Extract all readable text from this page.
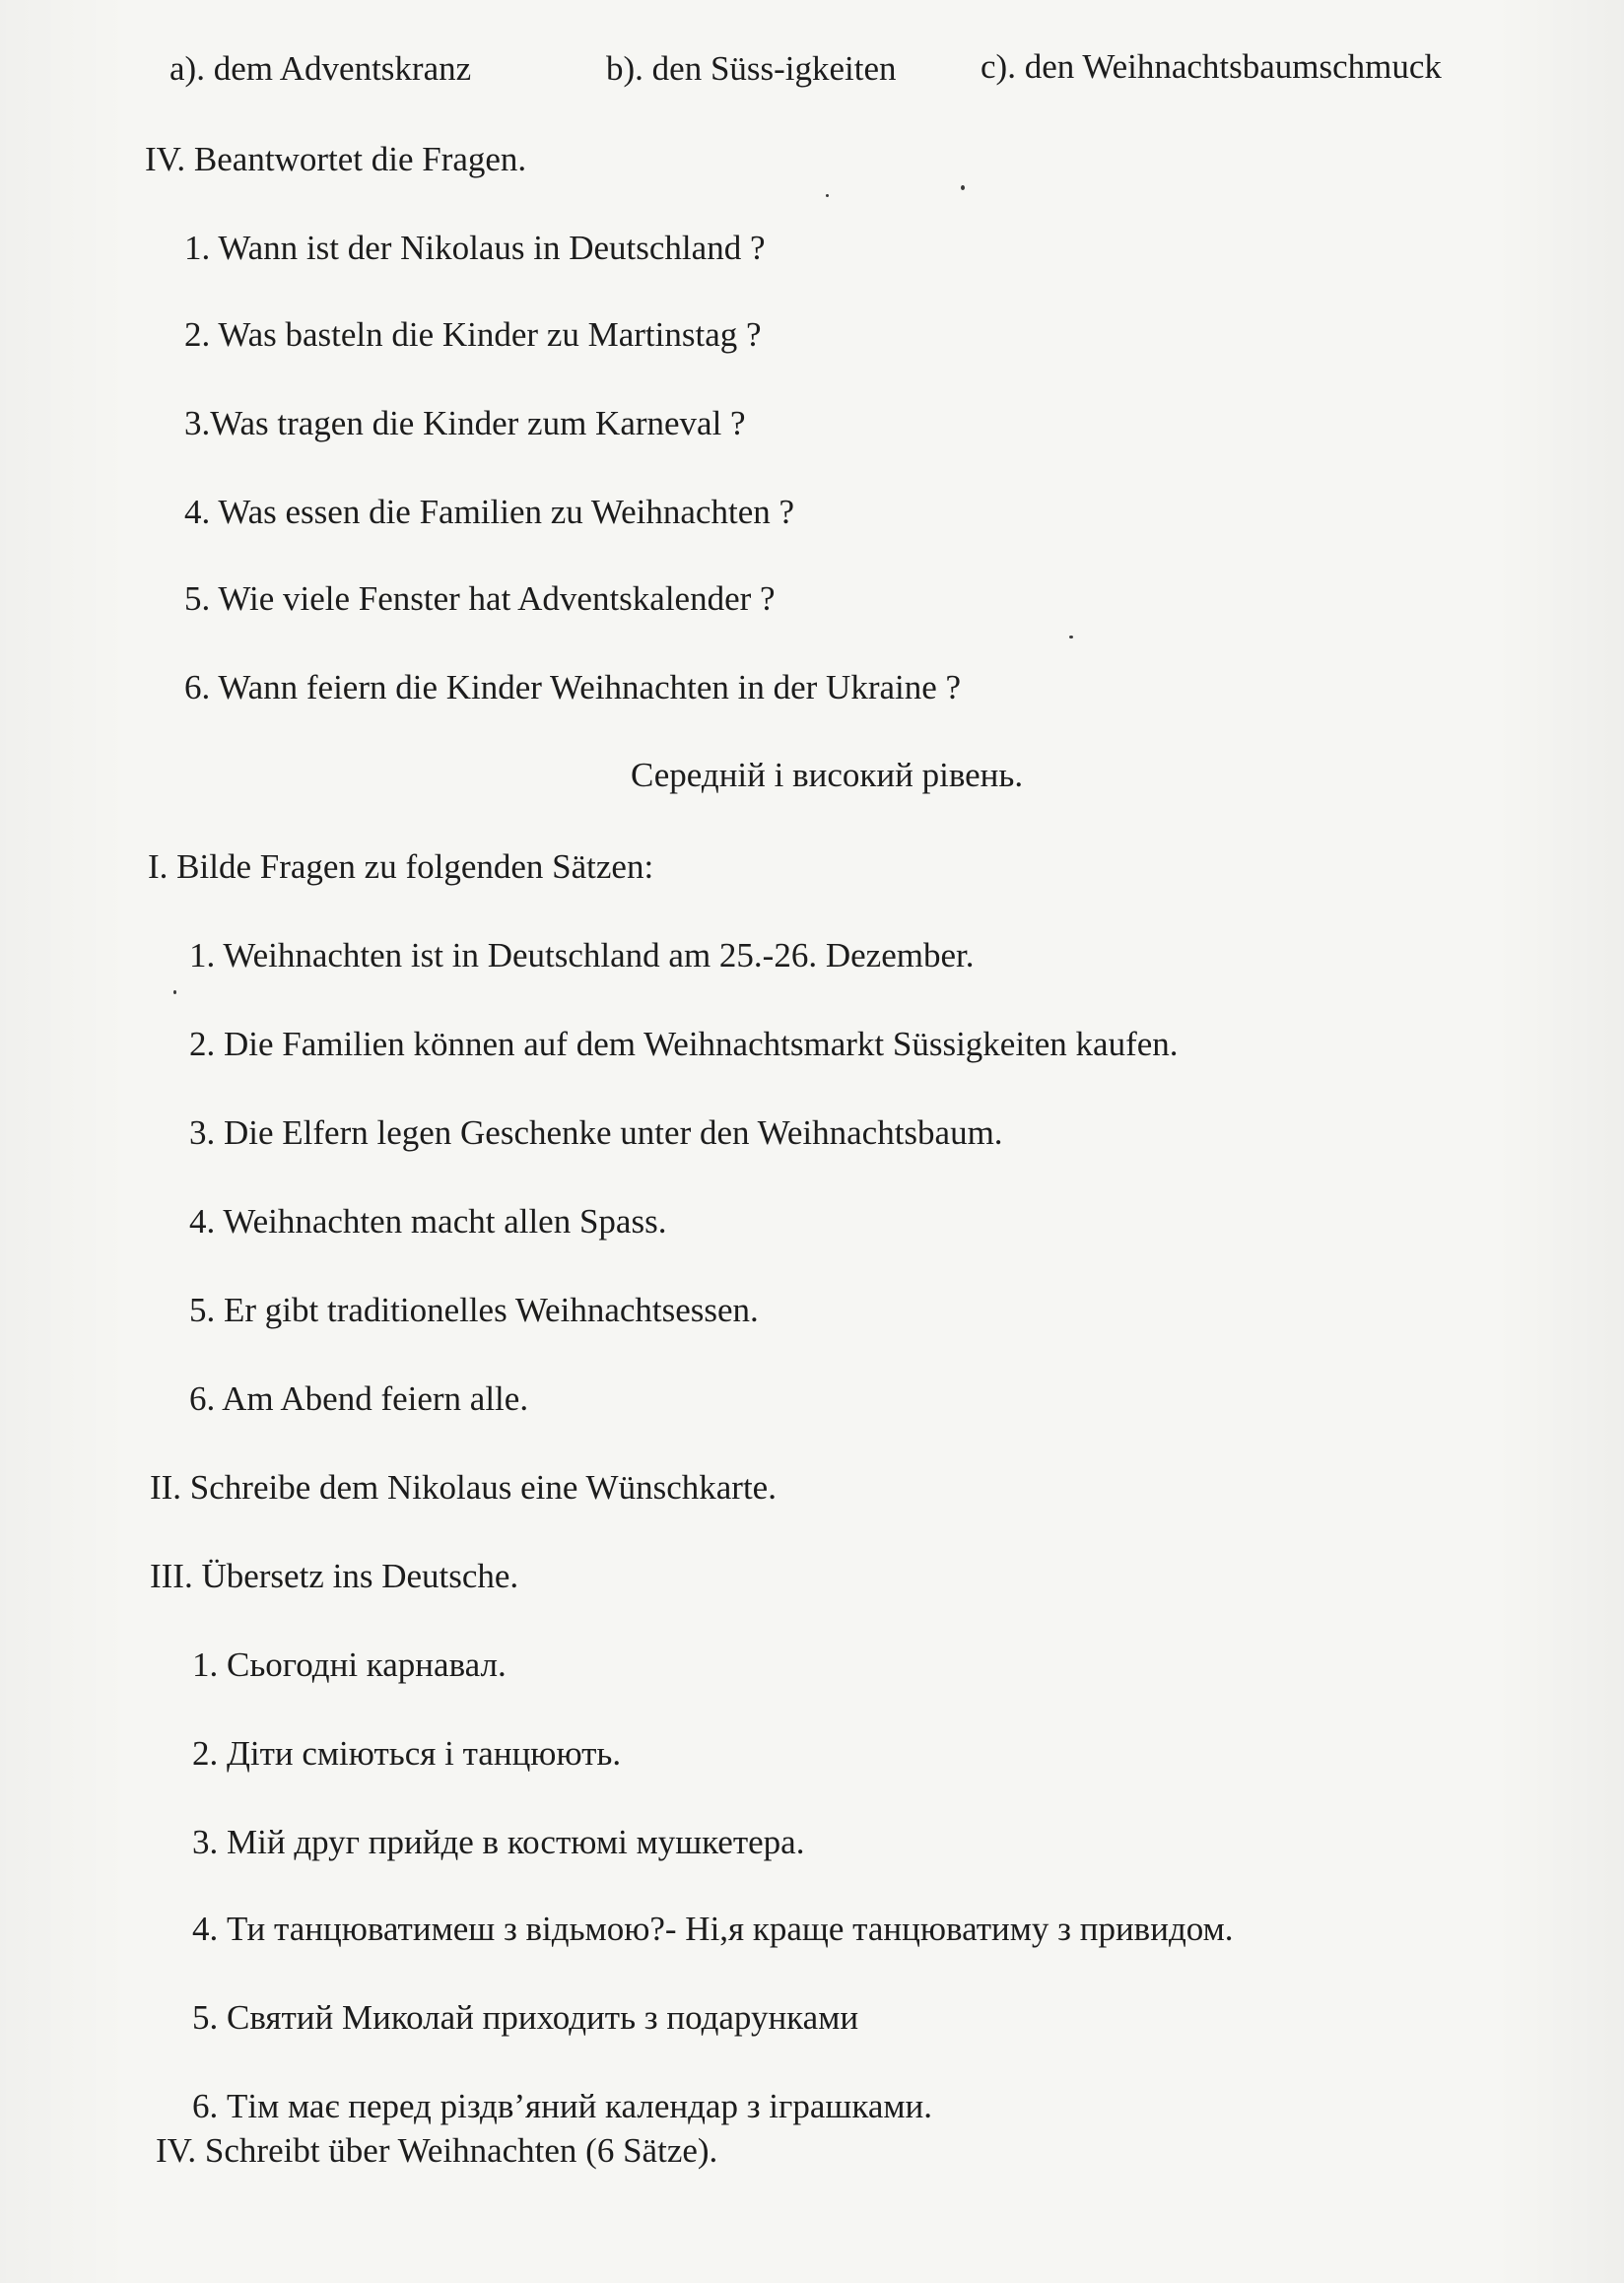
a). dem Adventskranz	b). den Süss-igkeiten c). den Weihnachtsbaumschmuck
IV. Beantwortet die Fragen.
1. Wann ist der Nikolaus in Deutschland ?
2. Was basteln die Kinder zu Martinstag ?
3.Was tragen die Kinder zum Karneval ?
4. Was essen die Familien zu Weihnachten ?
5. Wie viele Fenster hat Adventskalender ?
6. Wann feiern die Kinder Weihnachten in der Ukraine ?
Середній і високий рівень.
I. Bilde Fragen zu folgenden Sätzen:
1. Weihnachten ist in Deutschland am 25.-26. Dezember.
2. Die Familien können auf dem Weihnachtsmarkt Süssigkeiten kaufen.
3. Die Elfern legen Geschenke unter den Weihnachtsbaum.
4. Weihnachten macht allen Spass.
5. Er gibt traditionelles Weihnachtsessen.
6. Am Abend feiern alle.
II. Schreibe dem Nikolaus eine Wünschkarte.
III. Übersetz ins Deutsche.
1. Сьогодні карнавал.
2. Діти сміються і танцюють.
3. Мій друг прийде в костюмі мушкетера.
4. Ти танцюватимеш з відьмою?- Ні,я краще танцюватиму з привидом.
5. Святий Миколай приходить з подарунками
6. Тім має перед різдв’яний календар з іграшками.
IV. Schreibt über Weihnachten (6 Sätze).
